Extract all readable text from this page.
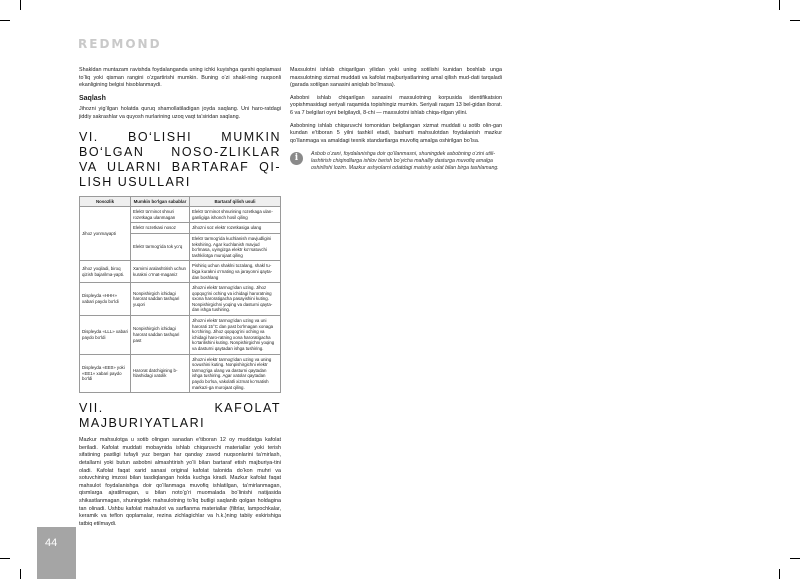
REDMOND

Shakldan muntazam ravishda foydalanganda uning ichki kuyishga qarshi qoplamasi to‘liq yoki qisman rangini o‘zgartirishi mumkin. Buning o‘zi shakl-ning nuqsonli ekanligining belgisi hisoblanmaydi.

Saqlash

Jihozni yig‘ilgan holatda quruq shamollatiladigan joyda saqlang. Uni haro-ratdagi jiddiy sakrashlar va quyosh nurlarining uzoq vaqt ta’siridan saqlang.

VI. BO‘LISHI MUMKIN BO‘LGAN NOSO-ZLIKLAR VA ULARNI BARTARAF QI-LISH USULLARI
Nosozlik	Mumkin bo‘lgan sabablar	Bartaraf qilish usuli
Jihoz yonmayapti	Elektr ta’minot shnuri rozetkaga ulanmagan	Elektr ta’minot shnurining rozetkaga ulan-ganligiga ishonch hosil qiling
	Elektr rozetkasi nosoz	Jihozni soz elektr rozetkasiga ulang
	Elektr tarmog‘ida tok yo‘q	Elektr tarmog‘ida kuchlanish mavjudligini tekshiring. Agar kuchlanish mavjud bo‘lmasa, uyingizga elektr ko‘rsatuvchi tashkilotga murojaat qiling
Jihoz yoqiladi, biroq qizish bajarilma-yapti.	Xamirni aralashtirish uchun kurakni o‘rnat-maganiz	Pishiriq uchun shaklni tozalang, shakl tu-biga kurakni o‘rnating va jarayonni qayta-dan boshlang
Displeyda «HHH» xabari paydo bo‘ldi	Nonpishirgich ichidagi harorat saddan tashqari yuqori	Jihozni elektr tarmog‘idan uzing. Jihoz qopqog‘ini oching va ichidagi haroratning sxona haroratigacha pasayishini kuting. Nonpishirgichni yoqing va dasturni qayta-dan ishga tushiring.
Displeyda «LLL» xabari paydo bo‘ldi	Nonpishirgich ichidagi harorat saddan tashqari past	Jihozni elektr tarmog‘idan uzing va uni harorati 15°C dan past bo‘lmagan xonaga ko‘chiring. Jihoz qopqog‘ini oching va ichidagi haro-ratning xona haroratigacha ko‘tarilishini kuting. Nonpishirgichni yoqing va dasturni qaytadan ishga tushiring.
Displeyda «EE0» yoki «EE1» xabari paydo bo‘ldi	Harorat datchigining b-hlashidagi xatolik	Jihozni elektr tarmog‘idan uzing va uning sovushini kuting. Nonpishirgichni elektr tarmog‘iga ulang va dasturni qaytadan ishga tushiring. Agar xatolar qaytadan paydo bo‘lsa, vakolatli xizmat ko‘rsatish markazi-ga murojaat qiling.
VII. KAFOLAT MAJBURIYATLARI

Mazkur mahsulotga u sotib olingan sanadan e’tiboran 12 oy muddatga kafolat beriladi. Kafolat muddati mobaynida ishlab chiqaruvchi materiallar yoki terish sifatining pastligi tufayli yuz bergan har qanday zavod nuqsonlarini ta’mirlash, detallarni yoki butun asbobni almashtirish yo‘li bilan bartaraf etish majburiya-tini oladi. Kafolat faqat xarid sanasi original kafolat talonida do‘kon muhri va sotuvchining imzosi bilan tasdiqlangan holda kuchga kiradi. Mazkur kafolat faqat mahsulot foydalanishga doir qo‘llanmaga muvofiq ishlatilgan, ta’mirlanmagan, qismlarga ajratilmagan, u bilan noto‘g‘ri muomalada bo‘linishi natijasida shikastlanmagan, shuningdek mahsulotning to‘liq butligi saqlanib qolgan holdagina tan olinadi. Ushbu kafolat mahsulot va sarflanma materiallar (filtrlar, lampochkalar, keramik va teflon qoplamalar, rezina zichlagichlar va h.k.)ning tabiiy eskirishiga tatbiq etilmaydi.

Maxsulotni ishlab chiqarilgan yilidan yoki uning sotilishi kunidan boshlab unga maxsulotning xizmat muddati va kafolat majburiyatlarining amal qilish mud-dati tarqaladi (garada sotilgan sanasini aniqlab bo‘lmasa).

Asbobni ishlab chiqarilgan sanasini maxsulotning korpusida identifikatsion yopishmasidagi seriyali raqamida topishingiz mumkin. Seriyali raqam 13 bel-gidan iborat. 6 va 7 belgilari oyni belgilaydi, 8-chi — maxsulotni ishlab chiqa-rilgan yilini.

Asbobning ishlab chiqaruvchi tomonidan belgilangan xizmat muddati u sotib olin-gan kundan e’tiboran 5 yilni tashkil etadi, basharti mahsulotdan foydalanish mazkur qo‘llanmaga va amaldagi texnik standartlarga muvofiq amalga oshirilgan bo‘lsa.

i	Asbob o‘zani, foydalanishga doir qo‘llanmasni, shuningdek asbobning o‘zini utili-lashtirish chiqindilarga ishlov berish bo‘yicha mahalliy dasturga muvofiq amalga oshirilishi lozim. Mazkur ashyolarni odatdagi maishiy axlat bilan birga tashlamang.
44
